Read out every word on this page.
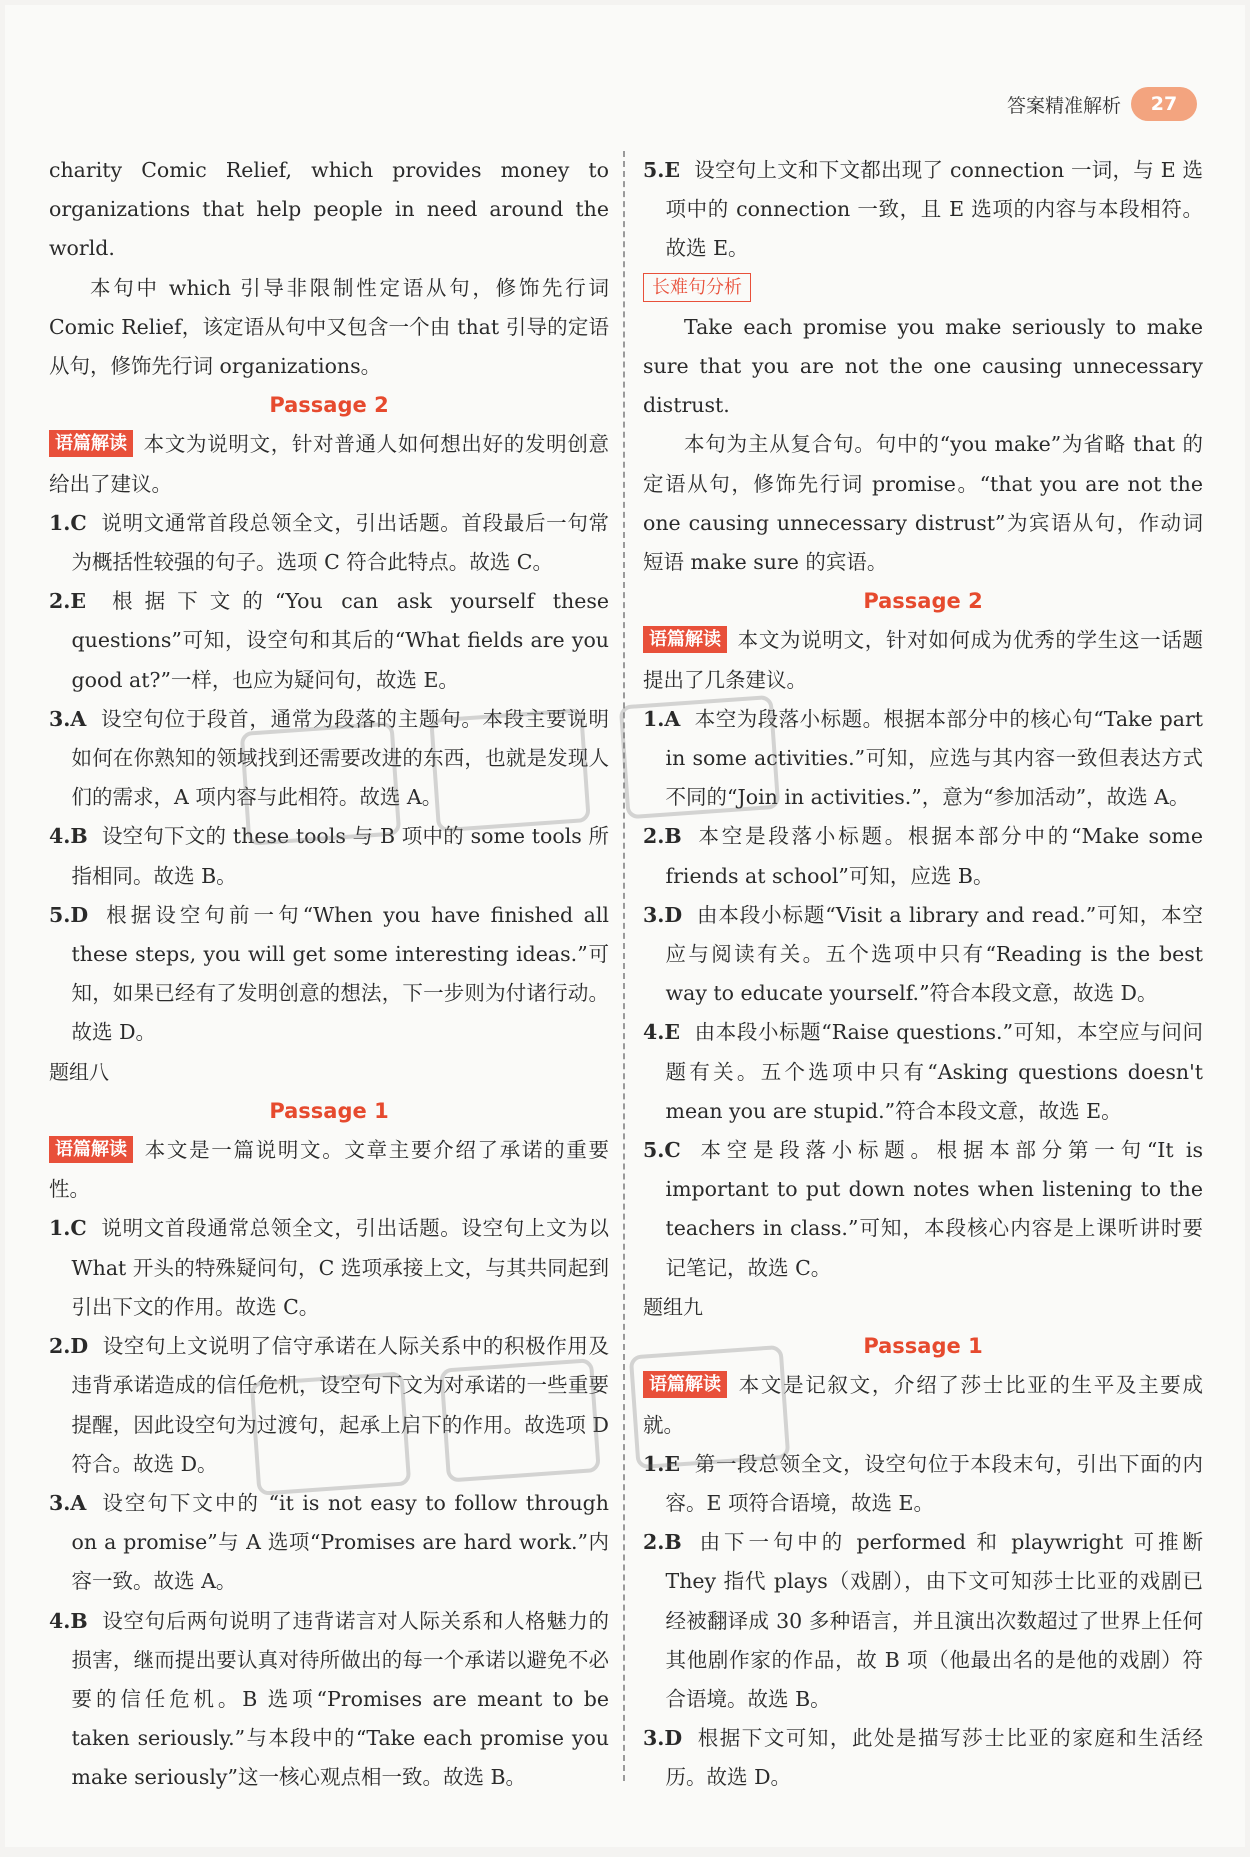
答案精准解析	27

charity Comic Relief, which provides money to organizations that help people in need around the world.

本句中 which 引导非限制性定语从句，修饰先行词 Comic Relief，该定语从句中又包含一个由 that 引导的定语从句，修饰先行词 organizations。

Passage 2

语篇解读 本文为说明文，针对普通人如何想出好的发明创意给出了建议。

1.C 说明文通常首段总领全文，引出话题。首段最后一句常为概括性较强的句子。选项 C 符合此特点。故选 C。

2.E 根据下文的“You can ask yourself these questions”可知，设空句和其后的“What fields are you good at?”一样，也应为疑问句，故选 E。

3.A 设空句位于段首，通常为段落的主题句。本段主要说明如何在你熟知的领域找到还需要改进的东西，也就是发现人们的需求，A 项内容与此相符。故选 A。

4.B 设空句下文的 these tools 与 B 项中的 some tools 所指相同。故选 B。

5.D 根据设空句前一句“When you have finished all these steps, you will get some interesting ideas.”可知，如果已经有了发明创意的想法，下一步则为付诸行动。故选 D。

题组八

Passage 1

语篇解读 本文是一篇说明文。文章主要介绍了承诺的重要性。

1.C 说明文首段通常总领全文，引出话题。设空句上文为以 What 开头的特殊疑问句，C 选项承接上文，与其共同起到引出下文的作用。故选 C。

2.D 设空句上文说明了信守承诺在人际关系中的积极作用及违背承诺造成的信任危机，设空句下文为对承诺的一些重要提醒，因此设空句为过渡句，起承上启下的作用。故选项 D 符合。故选 D。

3.A 设空句下文中的 “it is not easy to follow through on a promise”与 A 选项“Promises are hard work.”内容一致。故选 A。

4.B 设空句后两句说明了违背诺言对人际关系和人格魅力的损害，继而提出要认真对待所做出的每一个承诺以避免不必要的信任危机。B 选项“Promises are meant to be taken seriously.”与本段中的“Take each promise you make seriously”这一核心观点相一致。故选 B。

5.E 设空句上文和下文都出现了 connection 一词，与 E 选项中的 connection 一致，且 E 选项的内容与本段相符。故选 E。

长难句分析

Take each promise you make seriously to make sure that you are not the one causing unnecessary distrust.

本句为主从复合句。句中的“you make”为省略 that 的定语从句，修饰先行词 promise。“that you are not the one causing unnecessary distrust”为宾语从句，作动词短语 make sure 的宾语。

Passage 2

语篇解读 本文为说明文，针对如何成为优秀的学生这一话题提出了几条建议。

1.A 本空为段落小标题。根据本部分中的核心句“Take part in some activities.”可知，应选与其内容一致但表达方式不同的“Join in activities.”，意为“参加活动”，故选 A。

2.B 本空是段落小标题。根据本部分中的“Make some friends at school”可知，应选 B。

3.D 由本段小标题“Visit a library and read.”可知，本空应与阅读有关。五个选项中只有“Reading is the best way to educate yourself.”符合本段文意，故选 D。

4.E 由本段小标题“Raise questions.”可知，本空应与问问题有关。五个选项中只有“Asking questions doesn't mean you are stupid.”符合本段文意，故选 E。

5.C 本空是段落小标题。根据本部分第一句“It is important to put down notes when listening to the teachers in class.”可知，本段核心内容是上课听讲时要记笔记，故选 C。

题组九

Passage 1

语篇解读 本文是记叙文，介绍了莎士比亚的生平及主要成就。

1.E 第一段总领全文，设空句位于本段末句，引出下面的内容。E 项符合语境，故选 E。

2.B 由下一句中的 performed 和 playwright 可推断 They 指代 plays（戏剧），由下文可知莎士比亚的戏剧已经被翻译成 30 多种语言，并且演出次数超过了世界上任何其他剧作家的作品，故 B 项（他最出名的是他的戏剧）符合语境。故选 B。

3.D 根据下文可知，此处是描写莎士比亚的家庭和生活经历。故选 D。
